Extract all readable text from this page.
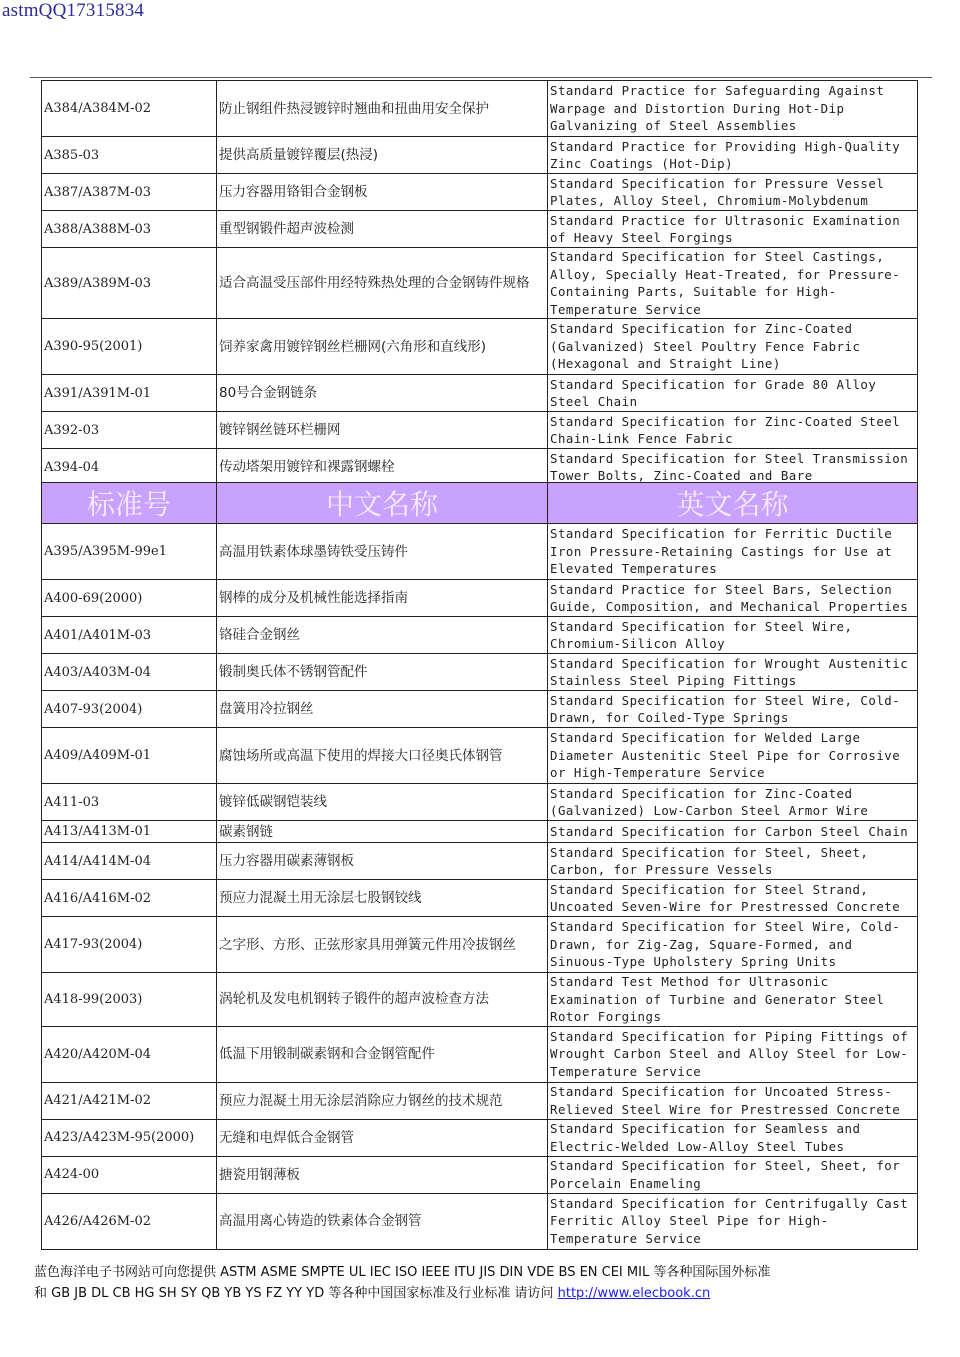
astmQQ17315834
A384/A384M-02	防止钢组件热浸镀锌时翘曲和扭曲用安全保护	Standard Practice for Safeguarding Against Warpage and Distortion During Hot-Dip Galvanizing of Steel Assemblies
A385-03	提供高质量镀锌覆层(热浸)	Standard Practice for Providing High-Quality Zinc Coatings (Hot-Dip)
A387/A387M-03	压力容器用铬钼合金钢板	Standard Specification for Pressure Vessel Plates, Alloy Steel, Chromium-Molybdenum
A388/A388M-03	重型钢锻件超声波检测	Standard Practice for Ultrasonic Examination of Heavy Steel Forgings
A389/A389M-03	适合高温受压部件用经特殊热处理的合金钢铸件规格	Standard Specification for Steel Castings, Alloy, Specially Heat-Treated, for Pressure-Containing Parts, Suitable for High-Temperature Service
A390-95(2001)	饲养家禽用镀锌钢丝栏栅网(六角形和直线形)	Standard Specification for Zinc-Coated (Galvanized) Steel Poultry Fence Fabric (Hexagonal and Straight Line)
A391/A391M-01	80号合金钢链条	Standard Specification for Grade 80 Alloy Steel Chain
A392-03	镀锌钢丝链环栏栅网	Standard Specification for Zinc-Coated Steel Chain-Link Fence Fabric
A394-04	传动塔架用镀锌和裸露钢螺栓	Standard Specification for Steel Transmission Tower Bolts, Zinc-Coated and Bare
标准号	中文名称	英文名称
A395/A395M-99e1	高温用铁素体球墨铸铁受压铸件	Standard Specification for Ferritic Ductile Iron Pressure-Retaining Castings for Use at Elevated Temperatures
A400-69(2000)	钢棒的成分及机械性能选择指南	Standard Practice for Steel Bars, Selection Guide, Composition, and Mechanical Properties
A401/A401M-03	铬硅合金钢丝	Standard Specification for Steel Wire, Chromium-Silicon Alloy
A403/A403M-04	锻制奥氏体不锈钢管配件	Standard Specification for Wrought Austenitic Stainless Steel Piping Fittings
A407-93(2004)	盘簧用冷拉钢丝	Standard Specification for Steel Wire, Cold-Drawn, for Coiled-Type Springs
A409/A409M-01	腐蚀场所或高温下使用的焊接大口径奥氏体钢管	Standard Specification for Welded Large Diameter Austenitic Steel Pipe for Corrosive or High-Temperature Service
A411-03	镀锌低碳钢铠装线	Standard Specification for Zinc-Coated (Galvanized) Low-Carbon Steel Armor Wire
A413/A413M-01	碳素钢链	Standard Specification for Carbon Steel Chain
A414/A414M-04	压力容器用碳素薄钢板	Standard Specification for Steel, Sheet, Carbon, for Pressure Vessels
A416/A416M-02	预应力混凝土用无涂层七股钢铰线	Standard Specification for Steel Strand, Uncoated Seven-Wire for Prestressed Concrete
A417-93(2004)	之字形、方形、正弦形家具用弹簧元件用冷拔钢丝	Standard Specification for Steel Wire, Cold-Drawn, for Zig-Zag, Square-Formed, and Sinuous-Type Upholstery Spring Units
A418-99(2003)	涡轮机及发电机钢转子锻件的超声波检查方法	Standard Test Method for Ultrasonic Examination of Turbine and Generator Steel Rotor Forgings
A420/A420M-04	低温下用锻制碳素钢和合金钢管配件	Standard Specification for Piping Fittings of Wrought Carbon Steel and Alloy Steel for Low-Temperature Service
A421/A421M-02	预应力混凝土用无涂层消除应力钢丝的技术规范	Standard Specification for Uncoated Stress-Relieved Steel Wire for Prestressed Concrete
A423/A423M-95(2000)	无缝和电焊低合金钢管	Standard Specification for Seamless and Electric-Welded Low-Alloy Steel Tubes
A424-00	搪瓷用钢薄板	Standard Specification for Steel, Sheet, for Porcelain Enameling
A426/A426M-02	高温用离心铸造的铁素体合金钢管	Standard Specification for Centrifugally Cast Ferritic Alloy Steel Pipe for High-Temperature Service
蓝色海洋电子书网站可向您提供 ASTM ASME SMPTE UL IEC ISO IEEE ITU JIS DIN VDE BS EN CEI MIL 等各种国际国外标准
和 GB JB DL CB HG SH SY QB YB YS FZ YY YD 等各种中国国家标准及行业标准 请访问 http://www.elecbook.cn
